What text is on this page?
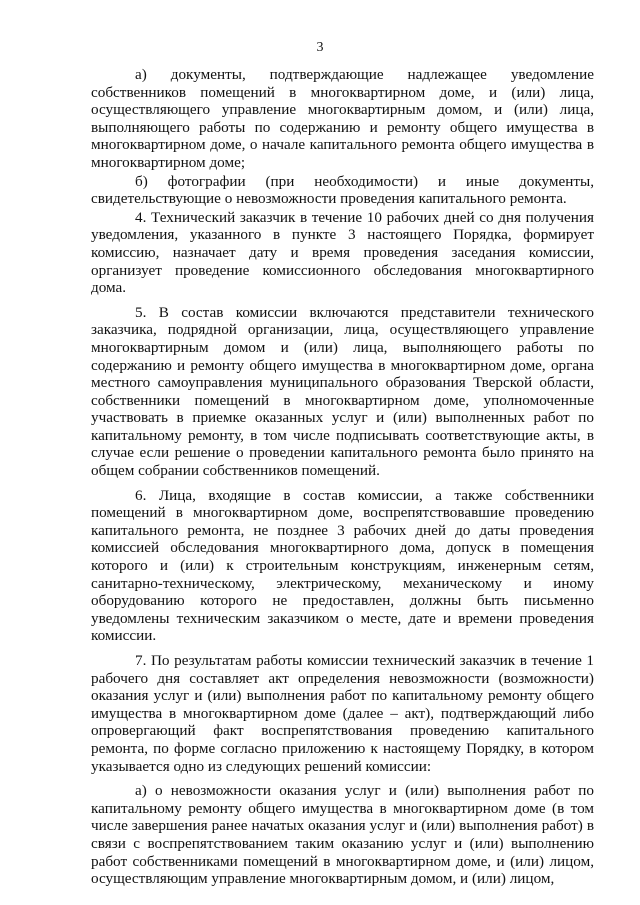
3

а) документы, подтверждающие надлежащее уведомление собственников помещений в многоквартирном доме, и (или) лица, осуществляющего управление многоквартирным домом, и (или) лица, выполняющего работы по содержанию и ремонту общего имущества в многоквартирном доме, о начале капитального ремонта общего имущества в многоквартирном доме;

б) фотографии (при необходимости) и иные документы, свидетельствующие о невозможности проведения капитального ремонта.

4. Технический заказчик в течение 10 рабочих дней со дня получения уведомления, указанного в пункте 3 настоящего Порядка, формирует комиссию, назначает дату и время проведения заседания комиссии, организует проведение комиссионного обследования многоквартирного дома.

5. В состав комиссии включаются представители технического заказчика, подрядной организации, лица, осуществляющего управление многоквартирным домом и (или) лица, выполняющего работы по содержанию и ремонту общего имущества в многоквартирном доме, органа местного самоуправления муниципального образования Тверской области, собственники помещений в многоквартирном доме, уполномоченные участвовать в приемке оказанных услуг и (или) выполненных работ по капитальному ремонту, в том числе подписывать соответствующие акты, в случае если решение о проведении капитального ремонта было принято на общем собрании собственников помещений.

6. Лица, входящие в состав комиссии, а также собственники помещений в многоквартирном доме, воспрепятствовавшие проведению капитального ремонта, не позднее 3 рабочих дней до даты проведения комиссией обследования многоквартирного дома, допуск в помещения которого и (или) к строительным конструкциям, инженерным сетям, санитарно-техническому, электрическому, механическому и иному оборудованию которого не предоставлен, должны быть письменно уведомлены техническим заказчиком о месте, дате и времени проведения комиссии.

7. По результатам работы комиссии технический заказчик в течение 1 рабочего дня составляет акт определения невозможности (возможности) оказания услуг и (или) выполнения работ по капитальному ремонту общего имущества в многоквартирном доме (далее – акт), подтверждающий либо опровергающий факт воспрепятствования проведению капитального ремонта, по форме согласно приложению к настоящему Порядку, в котором указывается одно из следующих решений комиссии:

а) о невозможности оказания услуг и (или) выполнения работ по капитальному ремонту общего имущества в многоквартирном доме (в том числе завершения ранее начатых оказания услуг и (или) выполнения работ) в связи с воспрепятствованием таким оказанию услуг и (или) выполнению работ собственниками помещений в многоквартирном доме, и (или) лицом, осуществляющим управление многоквартирным домом, и (или) лицом,
